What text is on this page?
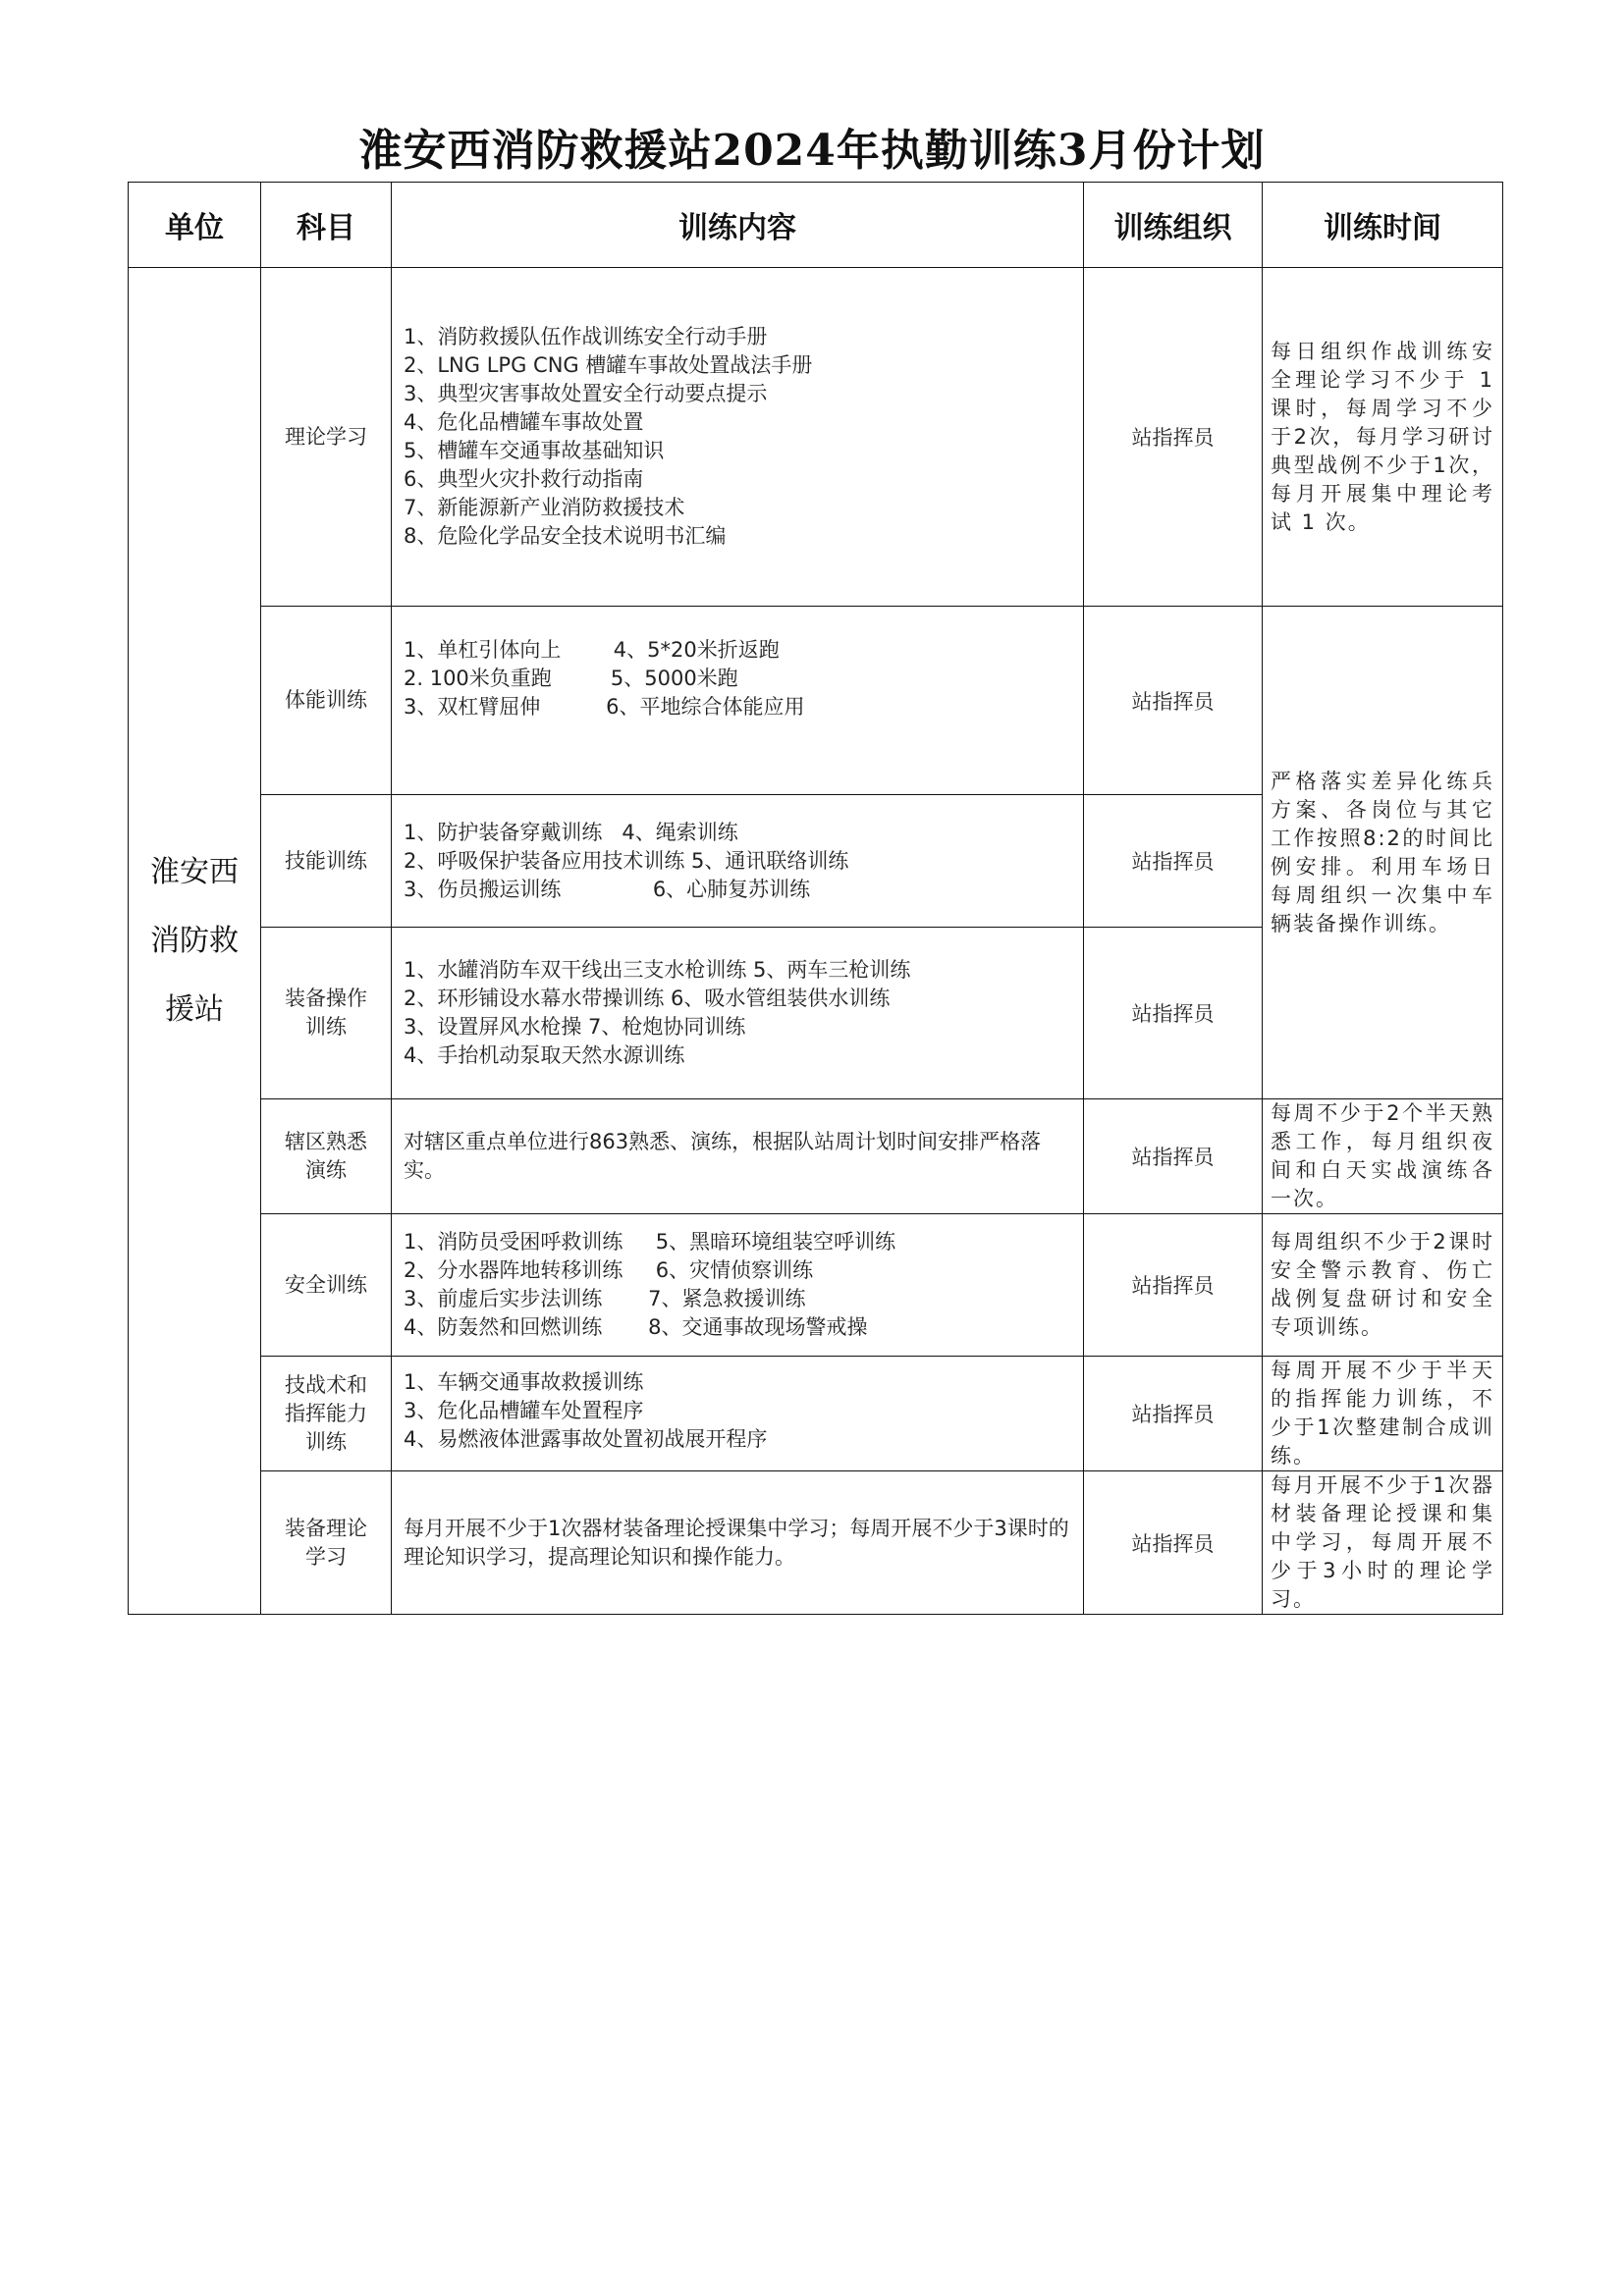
淮安西消防救援站2024年执勤训练3月份计划
单位	科目	训练内容	训练组织	训练时间

淮安西
消防救
援站
	理论学习	
1、消防救援队伍作战训练安全行动手册
2、LNG LPG CNG 槽罐车事故处置战法手册
3、典型灾害事故处置安全行动要点提示
4、危化品槽罐车事故处置
5、槽罐车交通事故基础知识
6、典型火灾扑救行动指南
7、新能源新产业消防救援技术
8、危险化学品安全技术说明书汇编
	站指挥员	每日组织作战训练安全理论学习不少于 1 课时，每周学习不少于2次，每月学习研讨典型战例不少于1次，每月开展集中理论考试 1 次。
	体能训练	1、单杠引体向上        4、5*20米折返跑
2. 100米负重跑         5、5000米跑
3、双杠臂屈伸          6、平地综合体能应用	站指挥员	严格落实差异化练兵方案、各岗位与其它工作按照8:2的时间比例安排。利用车场日每周组织一次集中车辆装备操作训练。
	技能训练	1、防护装备穿戴训练   4、绳索训练
2、呼吸保护装备应用技术训练 5、通讯联络训练
3、伤员搬运训练              6、心肺复苏训练	站指挥员	

	装备操作训练	1、水罐消防车双干线出三支水枪训练 5、两车三枪训练
2、环形铺设水幕水带操训练 6、吸水管组装供水训练
3、设置屏风水枪操 7、枪炮协同训练
4、手抬机动泵取天然水源训练	站指挥员	

	辖区熟悉演练	对辖区重点单位进行863熟悉、演练，根据队站周计划时间安排严格落实。	站指挥员	每周不少于2个半天熟悉工作，每月组织夜间和白天实战演练各一次。
	安全训练	1、消防员受困呼救训练     5、黑暗环境组装空呼训练
2、分水器阵地转移训练     6、灾情侦察训练
3、前虚后实步法训练       7、紧急救援训练
4、防轰然和回燃训练       8、交通事故现场警戒操	站指挥员	每周组织不少于2课时安全警示教育、伤亡战例复盘研讨和安全专项训练。

	技战术和指挥能力训练	1、车辆交通事故救援训练
3、危化品槽罐车处置程序
4、易燃液体泄露事故处置初战展开程序	站指挥员	每周开展不少于半天的指挥能力训练，不少于1次整建制合成训练。

	装备理论学习	每月开展不少于1次器材装备理论授课集中学习；每周开展不少于3课时的理论知识学习，提高理论知识和操作能力。	站指挥员	每月开展不少于1次器材装备理论授课和集中学习，每周开展不少于3小时的理论学习。
